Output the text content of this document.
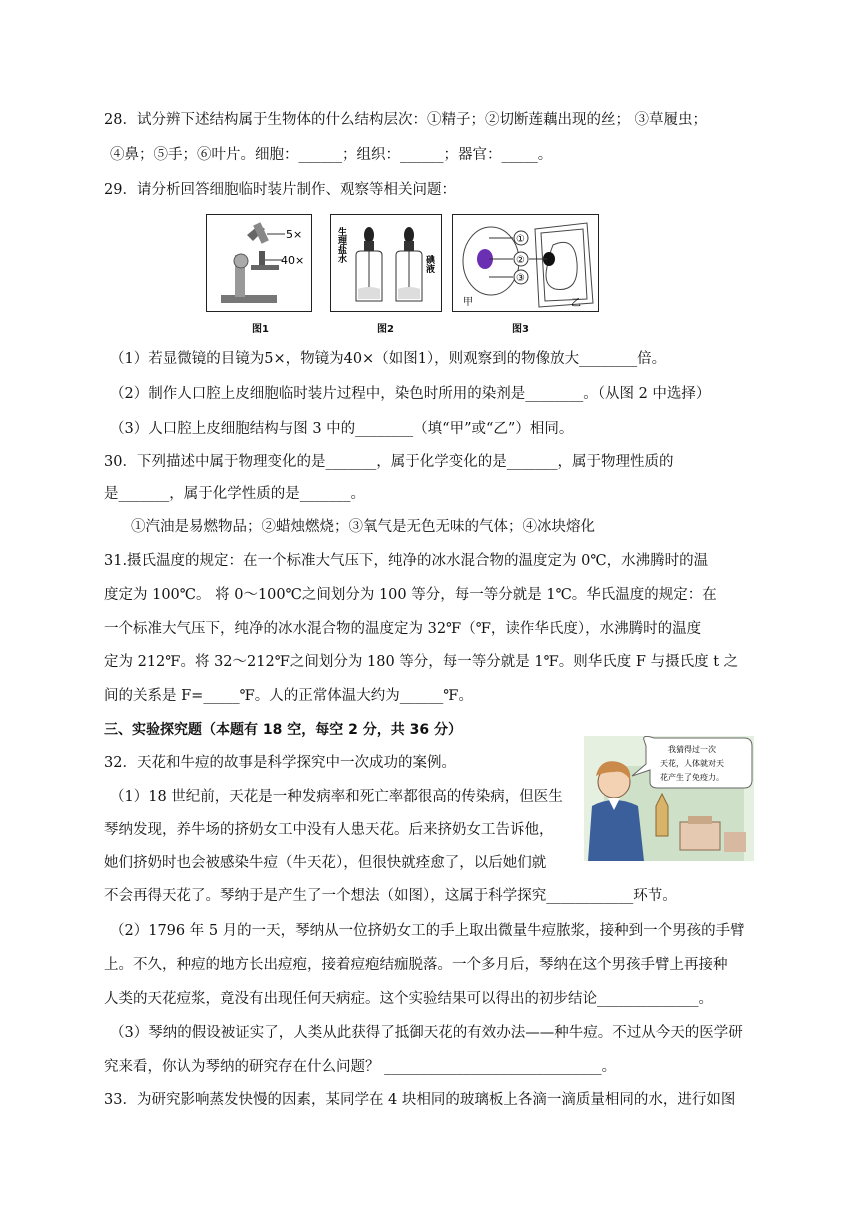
28．试分辨下述结构属于生物体的什么结构层次：①精子；②切断莲藕出现的丝； ③草履虫；
④鼻；⑤手；⑥叶片。细胞：______；组织：______；器官：_____。
29．请分析回答细胞临时装片制作、观察等相关问题：
5×
40×
图1
生理盐水
碘液
图2
①
②
③
甲	乙
图3
（1）若显微镜的目镜为5×，物镜为40×（如图1），则观察到的物像放大________倍。
（2）制作人口腔上皮细胞临时装片过程中，染色时所用的染剂是________。（从图 2 中选择）
（3）人口腔上皮细胞结构与图 3 中的________（填“甲”或“乙”）相同。
30．下列描述中属于物理变化的是_______，属于化学变化的是_______，属于物理性质的
是_______，属于化学性质的是_______。
①汽油是易燃物品；②蜡烛燃烧；③氧气是无色无味的气体；④冰块熔化
31.摄氏温度的规定：在一个标准大气压下，纯净的冰水混合物的温度定为 0℃，水沸腾时的温
度定为 100℃。 将 0～100℃之间划分为 100 等分，每一等分就是 1℃。华氏温度的规定：在
一个标准大气压下，纯净的冰水混合物的温度定为 32℉（℉，读作华氏度），水沸腾时的温度
定为 212℉。将 32～212℉之间划分为 180 等分，每一等分就是 1℉。则华氏度 F 与摄氏度 t 之
间的关系是 F=_____℉。人的正常体温大约为______℉。
三、实验探究题（本题有 18 空，每空 2 分，共 36 分）
32．天花和牛痘的故事是科学探究中一次成功的案例。
（1）18 世纪前，天花是一种发病率和死亡率都很高的传染病，但医生
琴纳发现，养牛场的挤奶女工中没有人患天花。后来挤奶女工告诉他，
她们挤奶时也会被感染牛痘（牛天花），但很快就痊愈了，以后她们就
不会再得天花了。琴纳于是产生了一个想法（如图），这属于科学探究____________环节。
我猜得过一次
天花，人体就对天
花产生了免疫力。
（2）1796 年 5 月的一天，琴纳从一位挤奶女工的手上取出微量牛痘脓浆，接种到一个男孩的手臂
上。不久，种痘的地方长出痘疱，接着痘疱结痂脱落。一个多月后，琴纳在这个男孩手臂上再接种
人类的天花痘浆，竟没有出现任何天病症。这个实验结果可以得出的初步结论______________。
（3）琴纳的假设被证实了，人类从此获得了抵御天花的有效办法——种牛痘。不过从今天的医学研
究来看，你认为琴纳的研究存在什么问题？ ______________________________。
33．为研究影响蒸发快慢的因素，某同学在 4 块相同的玻璃板上各滴一滴质量相同的水，进行如图
